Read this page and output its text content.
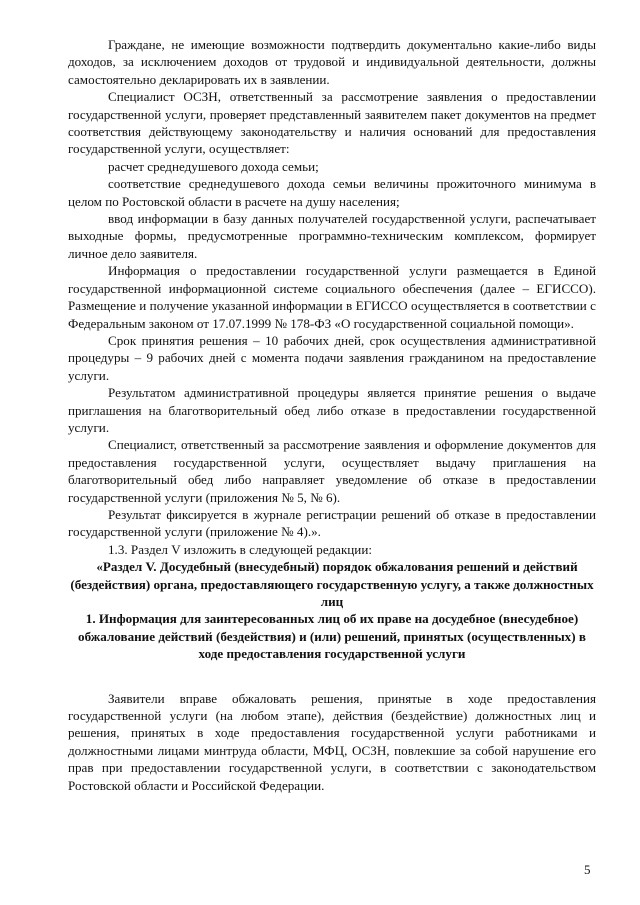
Граждане, не имеющие возможности подтвердить документально какие-либо виды доходов, за исключением доходов от трудовой и индивидуальной деятельности, должны самостоятельно декларировать их в заявлении.

Специалист ОСЗН, ответственный за рассмотрение заявления о предоставлении государственной услуги, проверяет представленный заявителем пакет документов на предмет соответствия действующему законодательству и наличия оснований для предоставления государственной услуги, осуществляет:

расчет среднедушевого дохода семьи;

соответствие среднедушевого дохода семьи величины прожиточного минимума в целом по Ростовской области в расчете на душу населения;

ввод информации в базу данных получателей государственной услуги, распечатывает выходные формы, предусмотренные программно-техническим комплексом, формирует личное дело заявителя.

Информация о предоставлении государственной услуги размещается в Единой государственной информационной системе социального обеспечения (далее – ЕГИССО). Размещение и получение указанной информации в ЕГИССО осуществляется в соответствии с Федеральным законом от 17.07.1999 № 178-ФЗ «О государственной социальной помощи».

Срок принятия решения – 10 рабочих дней, срок осуществления административной процедуры – 9 рабочих дней с момента подачи заявления гражданином на предоставление услуги.

Результатом административной процедуры является принятие решения о выдаче приглашения на благотворительный обед либо отказе в предоставлении государственной услуги.

Специалист, ответственный за рассмотрение заявления и оформление документов для предоставления государственной услуги, осуществляет выдачу приглашения на благотворительный обед либо направляет уведомление об отказе в предоставлении государственной услуги (приложения № 5, № 6).

Результат фиксируется в журнале регистрации решений об отказе в предоставлении государственной услуги (приложение № 4).».

1.3. Раздел V изложить в следующей редакции:

«Раздел V. Досудебный (внесудебный) порядок обжалования решений и действий (бездействия) органа, предоставляющего государственную услугу, а также должностных лиц

1. Информация для заинтересованных лиц об их праве на досудебное (внесудебное) обжалование действий (бездействия) и (или) решений, принятых (осуществленных) в ходе предоставления государственной услуги

Заявители вправе обжаловать решения, принятые в ходе предоставления государственной услуги (на любом этапе), действия (бездействие) должностных лиц и решения, принятых в ходе предоставления государственной услуги работниками и должностными лицами минтруда области, МФЦ, ОСЗН, повлекшие за собой нарушение его прав при предоставлении государственной услуги, в соответствии с законодательством Ростовской области и Российской Федерации.

5
